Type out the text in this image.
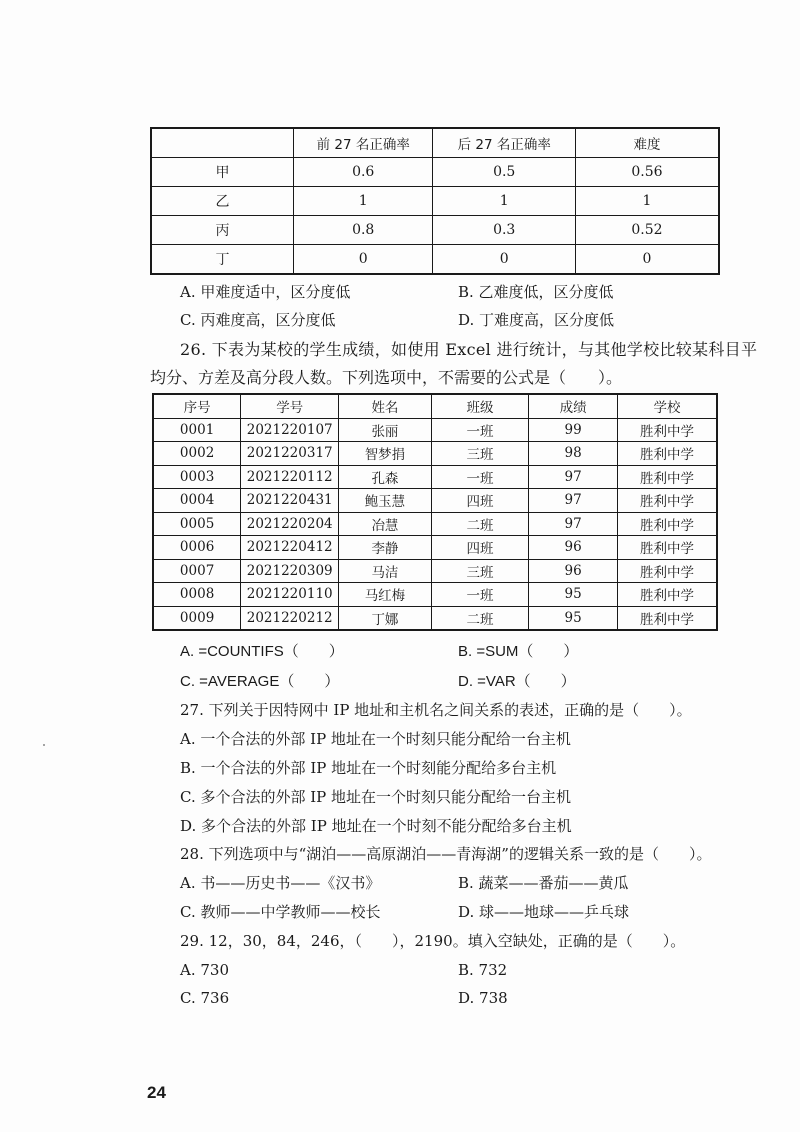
	前 27 名正确率	后 27 名正确率	难度
甲	0.6	0.5	0.56
乙	1	1	1
丙	0.8	0.3	0.52
丁	0	0	0
A. 甲难度适中，区分度低	B. 乙难度低，区分度低
C. 丙难度高，区分度低	D. 丁难度高，区分度低
26. 下表为某校的学生成绩，如使用 Excel 进行统计，与其他学校比较某科目平
均分、方差及高分段人数。下列选项中，不需要的公式是（　　）。
序号	学号	姓名	班级	成绩	学校
0001	2021220107	张丽	一班	99	胜利中学
0002	2021220317	智梦捐	三班	98	胜利中学
0003	2021220112	孔森	一班	97	胜利中学
0004	2021220431	鲍玉慧	四班	97	胜利中学
0005	2021220204	冶慧	二班	97	胜利中学
0006	2021220412	李静	四班	96	胜利中学
0007	2021220309	马洁	三班	96	胜利中学
0008	2021220110	马红梅	一班	95	胜利中学
0009	2021220212	丁娜	二班	95	胜利中学
A. =COUNTIFS（　　）	B. =SUM（　　）
C. =AVERAGE（　　）	D. =VAR（　　）
27. 下列关于因特网中 IP 地址和主机名之间关系的表述，正确的是（　　）。
A. 一个合法的外部 IP 地址在一个时刻只能分配给一台主机
B. 一个合法的外部 IP 地址在一个时刻能分配给多台主机
C. 多个合法的外部 IP 地址在一个时刻只能分配给一台主机
D. 多个合法的外部 IP 地址在一个时刻不能分配给多台主机
28. 下列选项中与“湖泊——高原湖泊——青海湖”的逻辑关系一致的是（　　）。
A. 书——历史书——《汉书》	B. 蔬菜——番茄——黄瓜
C. 教师——中学教师——校长	D. 球——地球——乒乓球
29. 12，30，84，246，（　　），2190。填入空缺处，正确的是（　　）。
A. 730	B. 732
C. 736	D. 738
24
